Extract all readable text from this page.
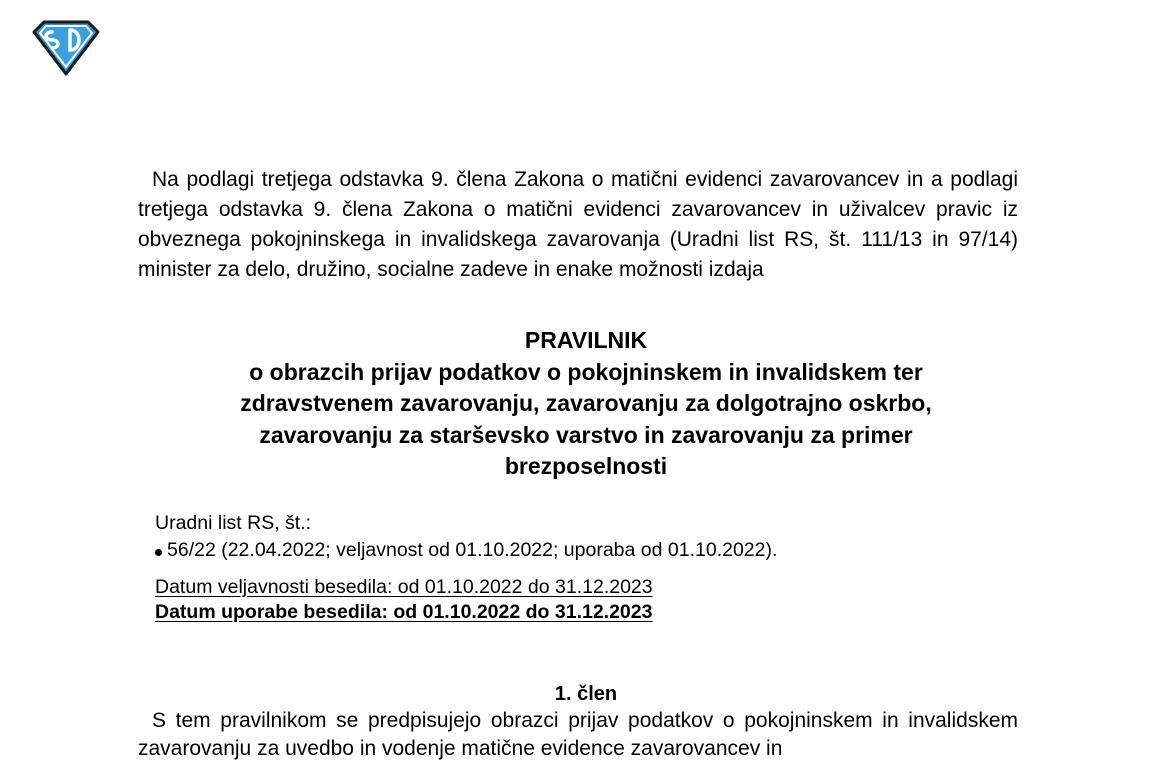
Na podlagi tretjega odstavka 9. člena Zakona o matični evidenci zavarovancev in a podlagi tretjega odstavka 9. člena Zakona o matični evidenci zavarovancev in uživalcev pravic iz obveznega pokojninskega in invalidskega zavarovanja (Uradni list RS, št. 111/13 in 97/14) minister za delo, družino, socialne zadeve in enake možnosti izdaja

PRAVILNIK
o obrazcih prijav podatkov o pokojninskem in invalidskem ter
zdravstvenem zavarovanju, zavarovanju za dolgotrajno oskrbo,
zavarovanju za starševsko varstvo in zavarovanju za primer
brezposelnosti
Uradni list RS, št.:
56/22 (22.04.2022; veljavnost od 01.10.2022; uporaba od 01.10.2022).
Datum veljavnosti besedila: od 01.10.2022 do 31.12.2023
Datum uporabe besedila: od 01.10.2022 do 31.12.2023
1. člen

S tem pravilnikom se predpisujejo obrazci prijav podatkov o pokojninskem in invalidskem zavarovanju za uvedbo in vodenje matične evidence zavarovancev in
